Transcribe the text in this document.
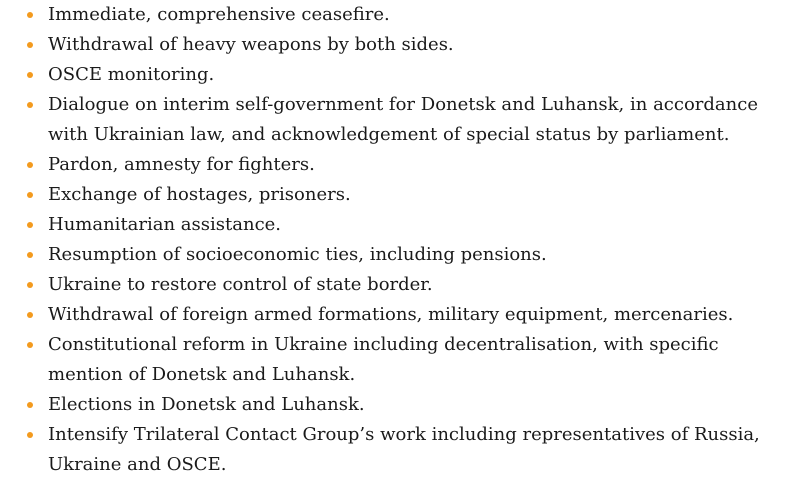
Immediate, comprehensive ceasefire.
Withdrawal of heavy weapons by both sides.
OSCE monitoring.
Dialogue on interim self-government for Donetsk and Luhansk, in accordance with Ukrainian law, and acknowledgement of special status by parliament.
Pardon, amnesty for fighters.
Exchange of hostages, prisoners.
Humanitarian assistance.
Resumption of socioeconomic ties, including pensions.
Ukraine to restore control of state border.
Withdrawal of foreign armed formations, military equipment, mercenaries.
Constitutional reform in Ukraine including decentralisation, with specific mention of Donetsk and Luhansk.
Elections in Donetsk and Luhansk.
Intensify Trilateral Contact Group’s work including representatives of Russia, Ukraine and OSCE.
